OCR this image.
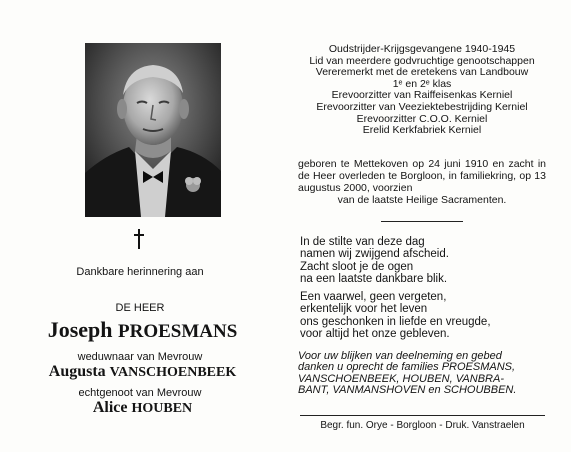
Dankbare herinnering aan
DE HEER
Joseph PROESMANS
weduwnaar van Mevrouw
Augusta VANSCHOENBEEK
echtgenoot van Mevrouw
Alice HOUBEN
Oudstrijder-Krijgsgevangene 1940-1945
Lid van meerdere godvruchtige genootschappen
Vereremerkt met de eretekens van Landbouw
1ᵉ en 2ᵉ klas
Erevoorzitter van Raiffeisenkas Kerniel
Erevoorzitter van Veeziektebestrijding Kerniel
Erevoorzitter C.O.O. Kerniel
Erelid Kerkfabriek Kerniel
geboren te Mettekoven op 24 juni 1910 en zacht in de Heer overleden te Borgloon, in familiekring, op 13 augustus 2000, voorzien
van de laatste Heilige Sacramenten.
In de stilte van deze dag
namen wij zwijgend afscheid.
Zacht sloot je de ogen
na een laatste dankbare blik.
Een vaarwel, geen vergeten,
erkentelijk voor het leven
ons geschonken in liefde en vreugde,
voor altijd het onze gebleven.
Voor uw blijken van deelneming en gebed
danken u oprecht de families PROESMANS,
VANSCHOENBEEK, HOUBEN, VANBRA-
BANT, VANMANSHOVEN en SCHOUBBEN.
Begr. fun. Orye - Borgloon - Druk. Vanstraelen
